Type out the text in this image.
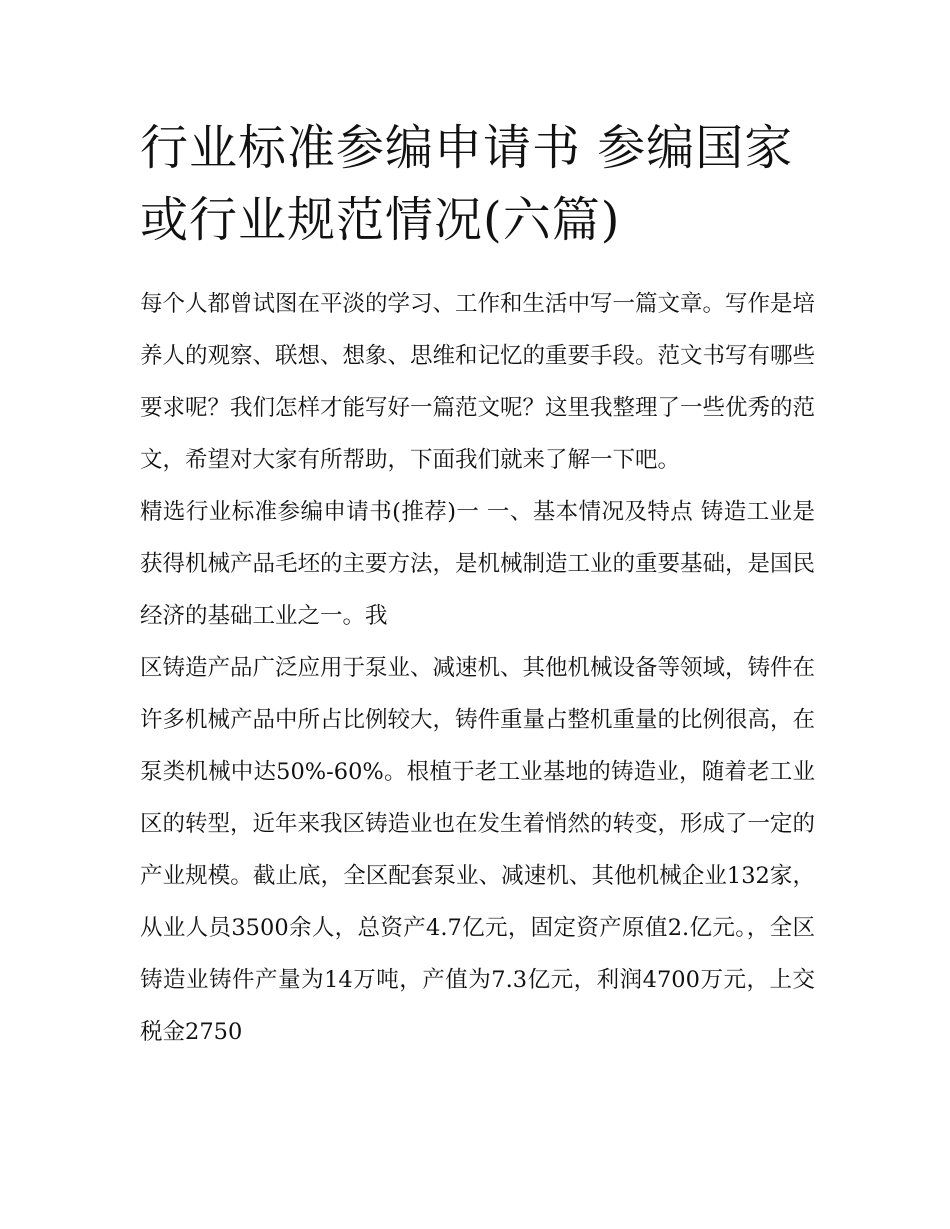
行业标准参编申请书 参编国家或行业规范情况(六篇)

每个人都曾试图在平淡的学习、工作和生活中写一篇文章。写作是培养人的观察、联想、想象、思维和记忆的重要手段。范文书写有哪些要求呢？我们怎样才能写好一篇范文呢？这里我整理了一些优秀的范文，希望对大家有所帮助，下面我们就来了解一下吧。

精选行业标准参编申请书(推荐)一 一、基本情况及特点 铸造工业是获得机械产品毛坯的主要方法，是机械制造工业的重要基础，是国民经济的基础工业之一。我

区铸造产品广泛应用于泵业、减速机、其他机械设备等领域，铸件在许多机械产品中所占比例较大，铸件重量占整机重量的比例很高，在泵类机械中达50%-60%。根植于老工业基地的铸造业，随着老工业区的转型，近年来我区铸造业也在发生着悄然的转变，形成了一定的产业规模。截止底，全区配套泵业、减速机、其他机械企业132家，从业人员3500余人，总资产4.7亿元，固定资产原值2.亿元。，全区铸造业铸件产量为14万吨，产值为7.3亿元，利润4700万元，上交税金2750
